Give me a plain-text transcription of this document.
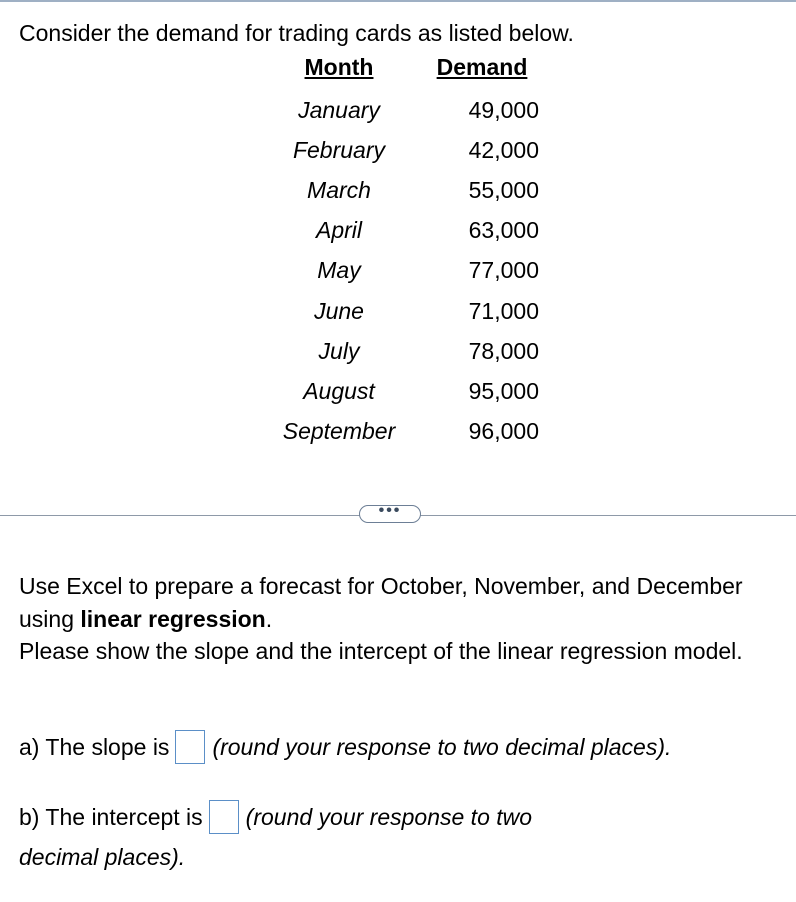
Consider the demand for trading cards as listed below.
Month	Demand
January	49,000
February	42,000
March	55,000
April	63,000
May	77,000
June	71,000
July	78,000
August	95,000
September	96,000
•••

Use Excel to prepare a forecast for October, November, and December using linear regression.

Please show the slope and the intercept of the linear regression model.

a) The slope is (round your response to two decimal places).
b) The intercept is (round your response to two
decimal places).
